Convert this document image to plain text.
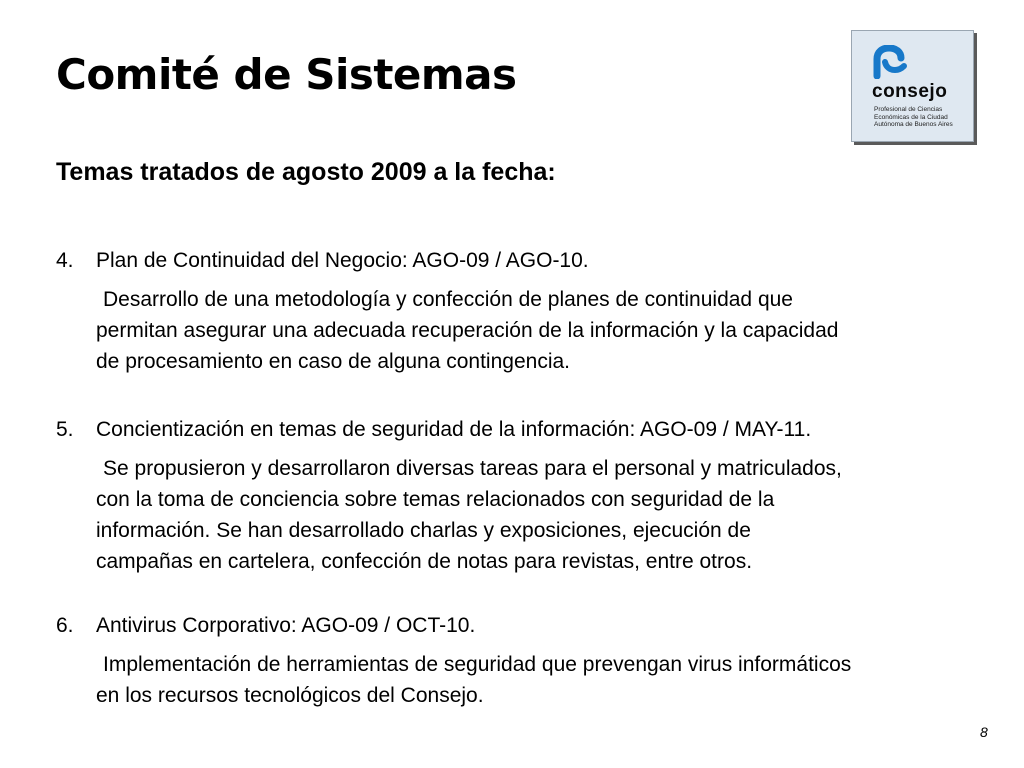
Comité de Sistemas
Temas tratados de agosto 2009 a la fecha:

consejo

Profesional de Ciencias
Económicas de la Ciudad
Autónoma de Buenos Aires

4.	Plan de Continuidad del Negocio: AGO-09 / AGO-10.
Desarrollo de una metodología y confección de planes de continuidad que
permitan asegurar una adecuada recuperación de la información y la capacidad
de procesamiento en caso de alguna contingencia.
5.	Concientización en temas de seguridad de la información: AGO-09 / MAY-11.
Se propusieron y desarrollaron diversas tareas para el personal y matriculados,
con la toma de conciencia sobre temas relacionados con seguridad de la
información. Se han desarrollado charlas y exposiciones, ejecución de
campañas en cartelera, confección de notas para revistas, entre otros.
6.	Antivirus Corporativo: AGO-09 / OCT-10.
Implementación de herramientas de seguridad que prevengan virus informáticos
en los recursos tecnológicos del Consejo.
8
